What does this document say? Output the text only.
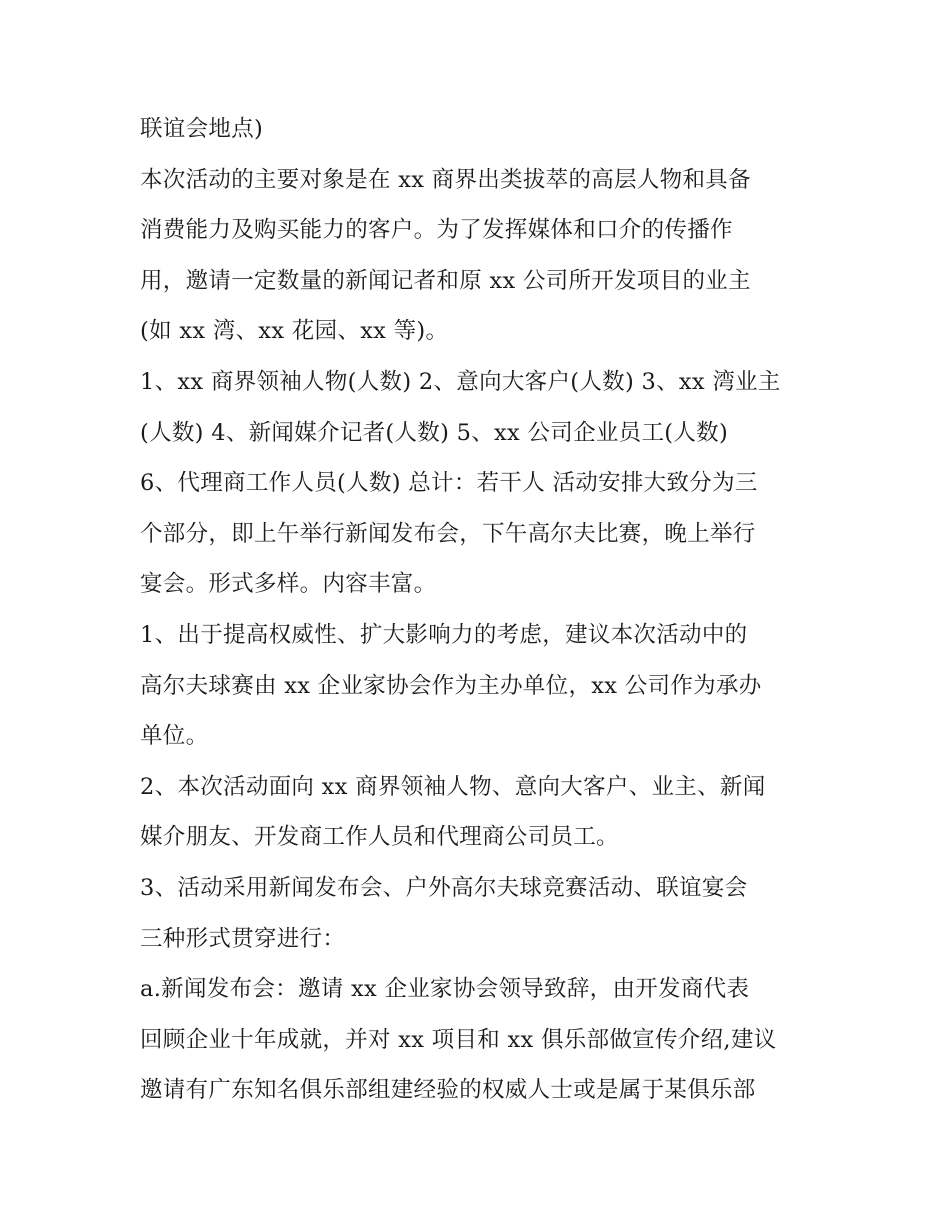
联谊会地点)
本次活动的主要对象是在 xx 商界出类拔萃的高层人物和具备
消费能力及购买能力的客户。为了发挥媒体和口介的传播作
用，邀请一定数量的新闻记者和原 xx 公司所开发项目的业主
(如 xx 湾、xx 花园、xx 等)。
1、xx 商界领袖人物(人数) 2、意向大客户(人数) 3、xx 湾业主
(人数) 4、新闻媒介记者(人数) 5、xx 公司企业员工(人数)
6、代理商工作人员(人数) 总计：若干人 活动安排大致分为三
个部分，即上午举行新闻发布会，下午高尔夫比赛，晚上举行
宴会。形式多样。内容丰富。
1、出于提高权威性、扩大影响力的考虑，建议本次活动中的
高尔夫球赛由 xx 企业家协会作为主办单位，xx 公司作为承办
单位。
2、本次活动面向 xx 商界领袖人物、意向大客户、业主、新闻
媒介朋友、开发商工作人员和代理商公司员工。
3、活动采用新闻发布会、户外高尔夫球竞赛活动、联谊宴会
三种形式贯穿进行：
a.新闻发布会：邀请 xx 企业家协会领导致辞，由开发商代表
回顾企业十年成就，并对 xx 项目和 xx 俱乐部做宣传介绍,建议
邀请有广东知名俱乐部组建经验的权威人士或是属于某俱乐部
